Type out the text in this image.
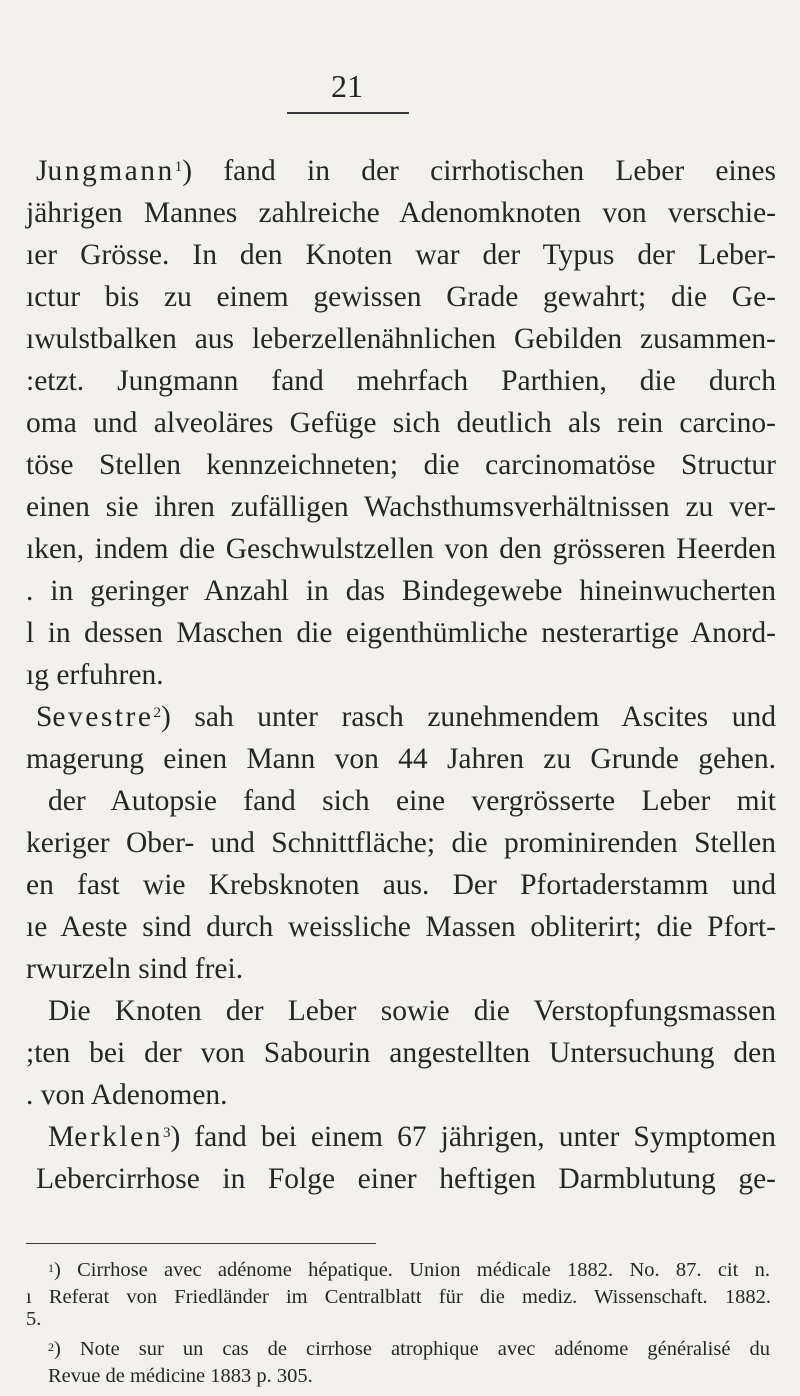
21
Jungmann$^1$) fand in der cirrhotischen Leber eines
jährigen Mannes zahlreiche Adenomknoten von verschie-
ıer Grösse. In den Knoten war der Typus der Leber-
ıctur bis zu einem gewissen Grade gewahrt; die Ge-
ıwulstbalken aus leberzellenähnlichen Gebilden zusammen-
:etzt. Jungmann fand mehrfach Parthien, die durch
oma und alveoläres Gefüge sich deutlich als rein carcino-
töse Stellen kennzeichneten; die carcinomatöse Structur
einen sie ihren zufälligen Wachsthumsverhältnissen zu ver-
ıken, indem die Geschwulstzellen von den grösseren Heerden
. in geringer Anzahl in das Bindegewebe hineinwucherten
l in dessen Maschen die eigenthümliche nesterartige Anord-
ıg erfuhren.
Sevestre$^2$) sah unter rasch zunehmendem Ascites und
magerung einen Mann von 44 Jahren zu Grunde gehen.
der Autopsie fand sich eine vergrösserte Leber mit
keriger Ober- und Schnittfläche; die prominirenden Stellen
en fast wie Krebsknoten aus. Der Pfortaderstamm und
ıe Aeste sind durch weissliche Massen obliterirt; die Pfort-
rwurzeln sind frei.
Die Knoten der Leber sowie die Verstopfungsmassen
;ten bei der von Sabourin angestellten Untersuchung den
. von Adenomen.
Merklen$^3$) fand bei einem 67 jährigen, unter Symptomen
Lebercirrhose in Folge einer heftigen Darmblutung ge-
$^1$) Cirrhose avec adénome hépatique. Union médicale 1882. No. 87. cit n.
ı Referat von Friedländer im Centralblatt für die mediz. Wissenschaft. 1882.
5.
$^2$) Note sur un cas de cirrhose atrophique avec adénome généralisé du
Revue de médicine 1883 p. 305.
